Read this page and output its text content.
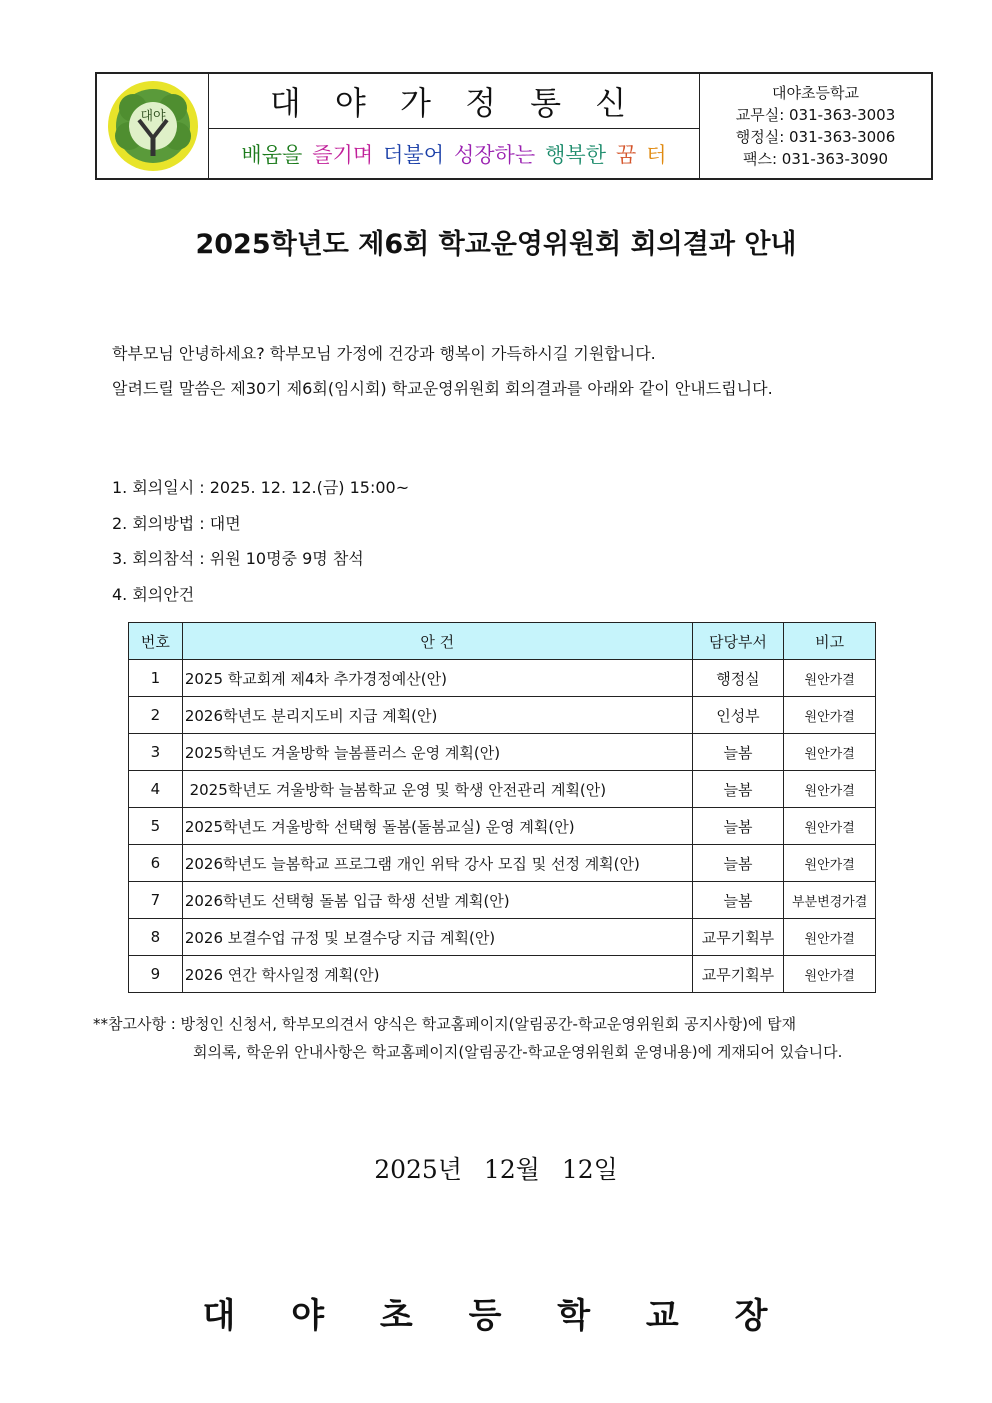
대야	대 야 가 정 통 신
배움을 즐기며 더불어 성장하는 행복한 꿈 터
대야초등학교
교무실: 031-363-3003
행정실: 031-363-3006
팩스: 031-363-3090
2025학년도 제6회 학교운영위원회 회의결과 안내
학부모님 안녕하세요? 학부모님 가정에 건강과 행복이 가득하시길 기원합니다.
알려드릴 말씀은 제30기 제6회(임시회) 학교운영위원회 회의결과를 아래와 같이 안내드립니다.
1. 회의일시 : 2025. 12. 12.(금) 15:00~
2. 회의방법 : 대면
3. 회의참석 : 위원 10명중 9명 참석
4. 회의안건
번호	안 건	담당부서	비고
1	2025 학교회계 제4차 추가경정예산(안)	행정실	원안가결
2	2026학년도 분리지도비 지급 계획(안)	인성부	원안가결
3	2025학년도 겨울방학 늘봄플러스 운영 계획(안)	늘봄	원안가결
4	2025학년도 겨울방학 늘봄학교 운영 및 학생 안전관리 계획(안)	늘봄	원안가결
5	2025학년도 겨울방학 선택형 돌봄(돌봄교실) 운영 계획(안)	늘봄	원안가결
6	2026학년도 늘봄학교 프로그램 개인 위탁 강사 모집 및 선정 계획(안)	늘봄	원안가결
7	2026학년도 선택형 돌봄 입급 학생 선발 계획(안)	늘봄	부분변경가결
8	2026 보결수업 규정 및 보결수당 지급 계획(안)	교무기획부	원안가결
9	2026 연간 학사일정 계획(안)	교무기획부	원안가결
**참고사항 : 방청인 신청서, 학부모의견서 양식은 학교홈페이지(알림공간-학교운영위원회 공지사항)에 탑재
회의록, 학운위 안내사항은 학교홈페이지(알림공간-학교운영위원회 운영내용)에 게재되어 있습니다.
2025년 12월 12일
대 야 초 등 학 교 장
